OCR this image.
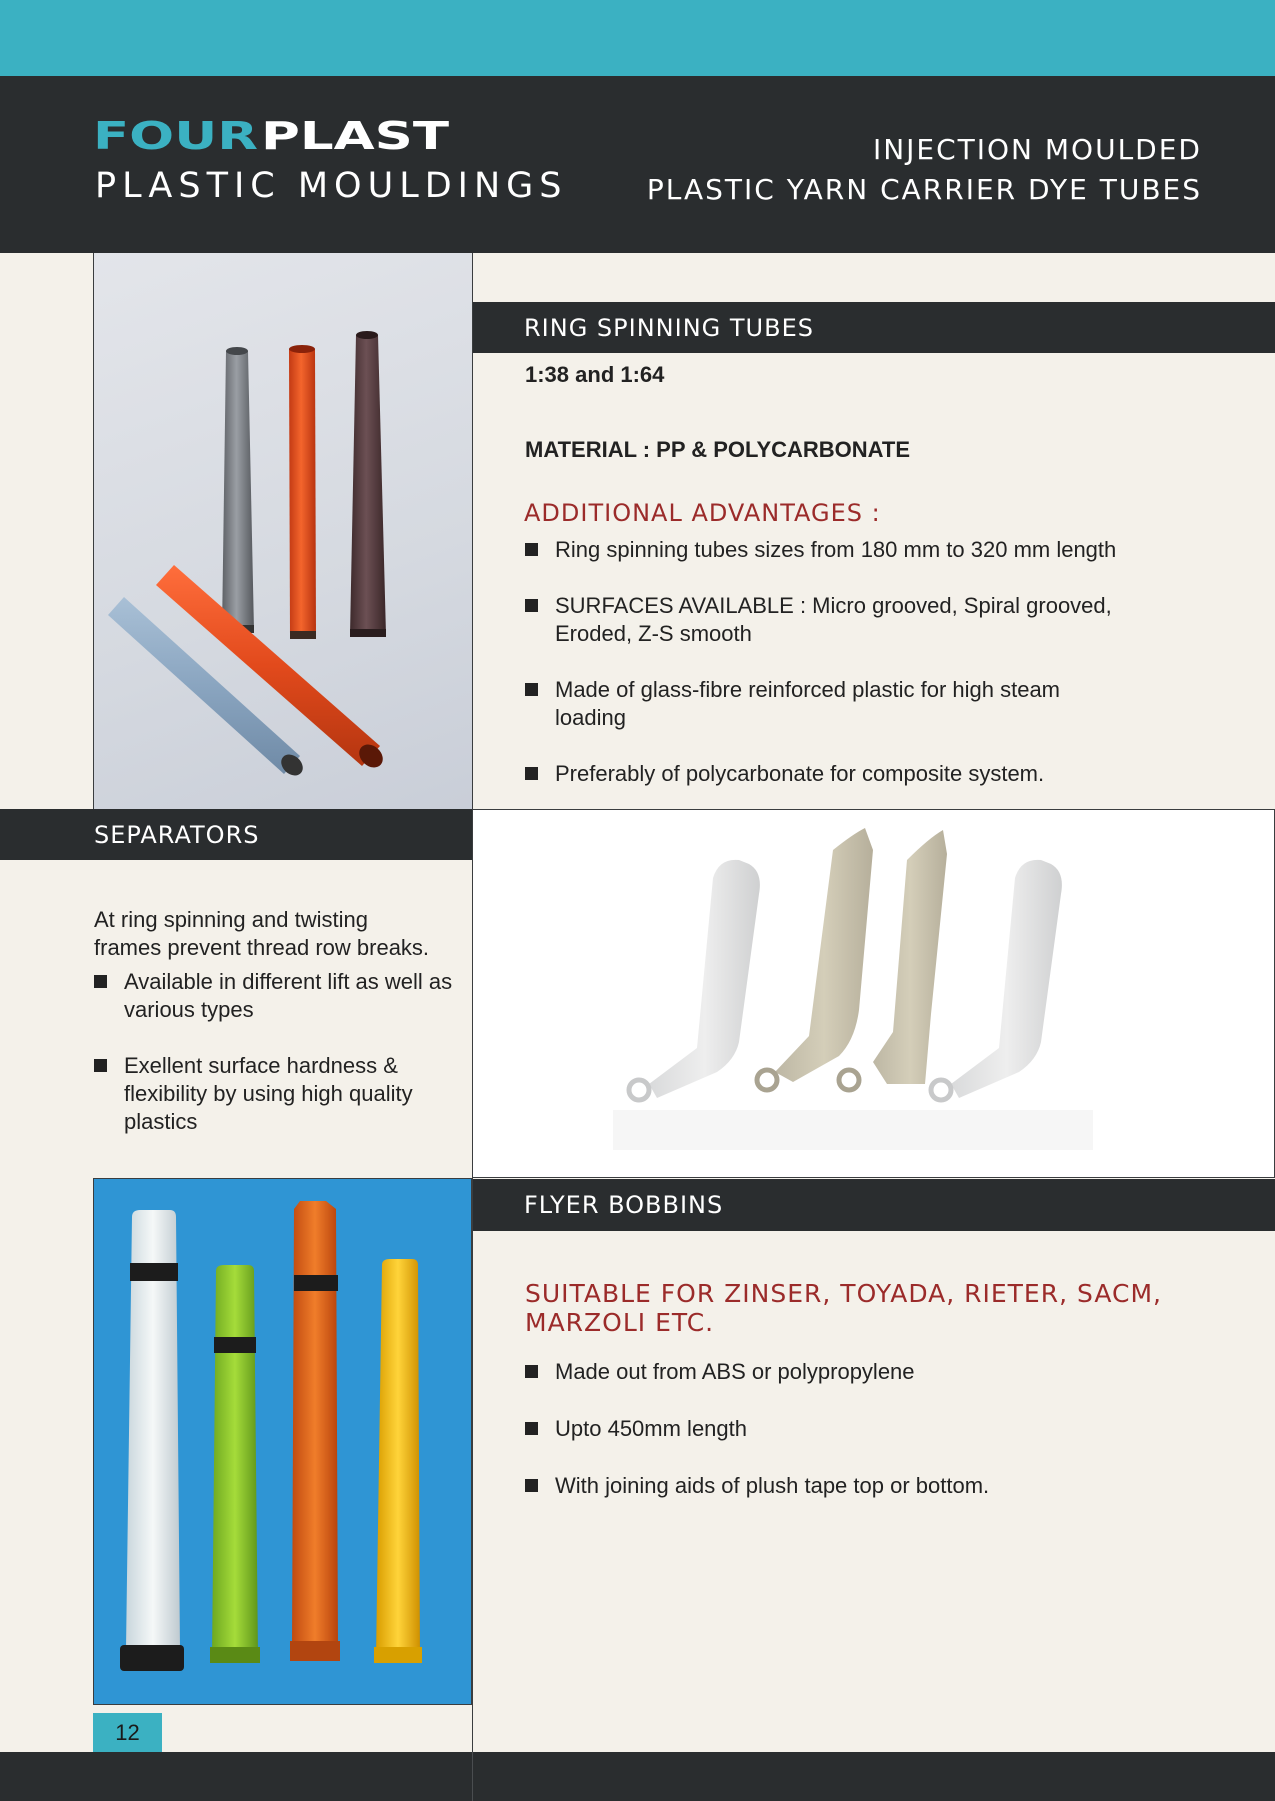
FOUR PLAST
PLASTIC MOULDINGS
INJECTION MOULDED
PLASTIC YARN CARRIER DYE TUBES
RING SPINNING TUBES
1:38 and 1:64
MATERIAL : PP & POLYCARBONATE
ADDITIONAL ADVANTAGES :
Ring spinning tubes sizes from 180 mm to 320 mm length
SURFACES AVAILABLE : Micro grooved, Spiral grooved, Eroded, Z-S smooth
Made of glass-fibre reinforced plastic for high steam loading
Preferably of polycarbonate for composite system.
SEPARATORS
At ring spinning and twisting frames prevent thread row breaks.
Available in different lift as well as various types
Exellent surface hardness & flexibility by using high quality plastics
FLYER BOBBINS
SUITABLE FOR ZINSER, TOYADA, RIETER, SACM, MARZOLI ETC.
Made out from ABS or polypropylene
Upto 450mm length
With joining aids of plush tape top or bottom.
12
